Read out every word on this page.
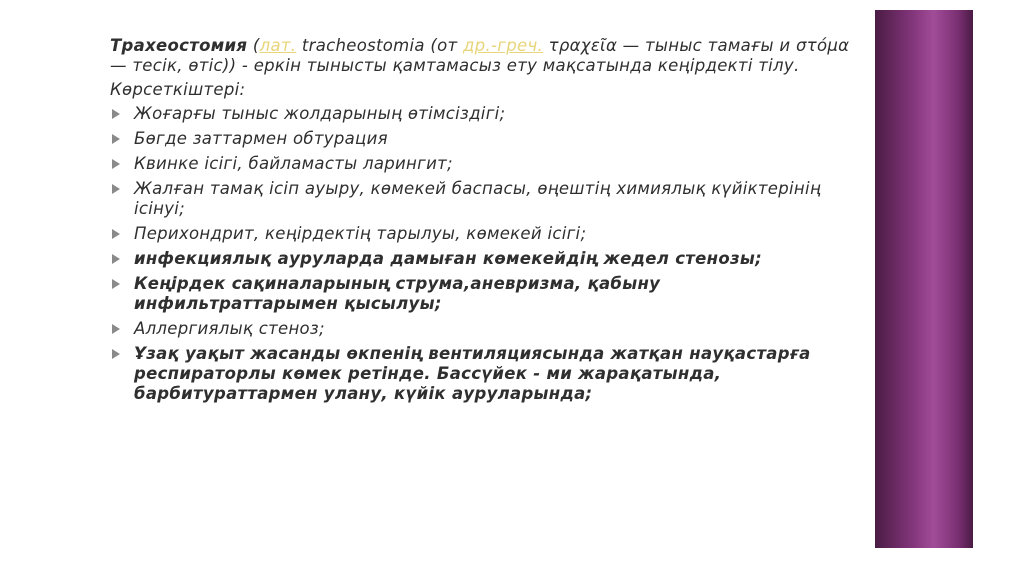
Трахеостомия (лат. tracheostomia (от др.-греч. τραχεῖα — тыныс тамағы и στόμα — тесік, өтіс)) - еркін тынысты қамтамасыз ету мақсатында кеңірдекті тілу.

Көрсеткіштері:

Жоғарғы тыныс жолдарының өтімсіздігі;
Бөгде заттармен обтурация
Квинке ісігі, байламасты ларингит;
Жалған тамақ ісіп ауыру, көмекей баспасы, өңештің химиялық күйіктерінің ісінуі;
Перихондрит, кеңірдектің тарылуы, көмекей ісігі;
инфекциялық ауруларда дамыған көмекейдің жедел стенозы;
Кеңірдек сақиналарының струма,аневризма, қабыну инфильтраттарымен қысылуы;
Аллергиялық стеноз;
Ұзақ уақыт жасанды өкпенің вентиляциясында жатқан науқастарға респираторлы көмек ретінде. Бассүйек - ми жарақатында, барбитураттармен улану, күйік ауруларында;
